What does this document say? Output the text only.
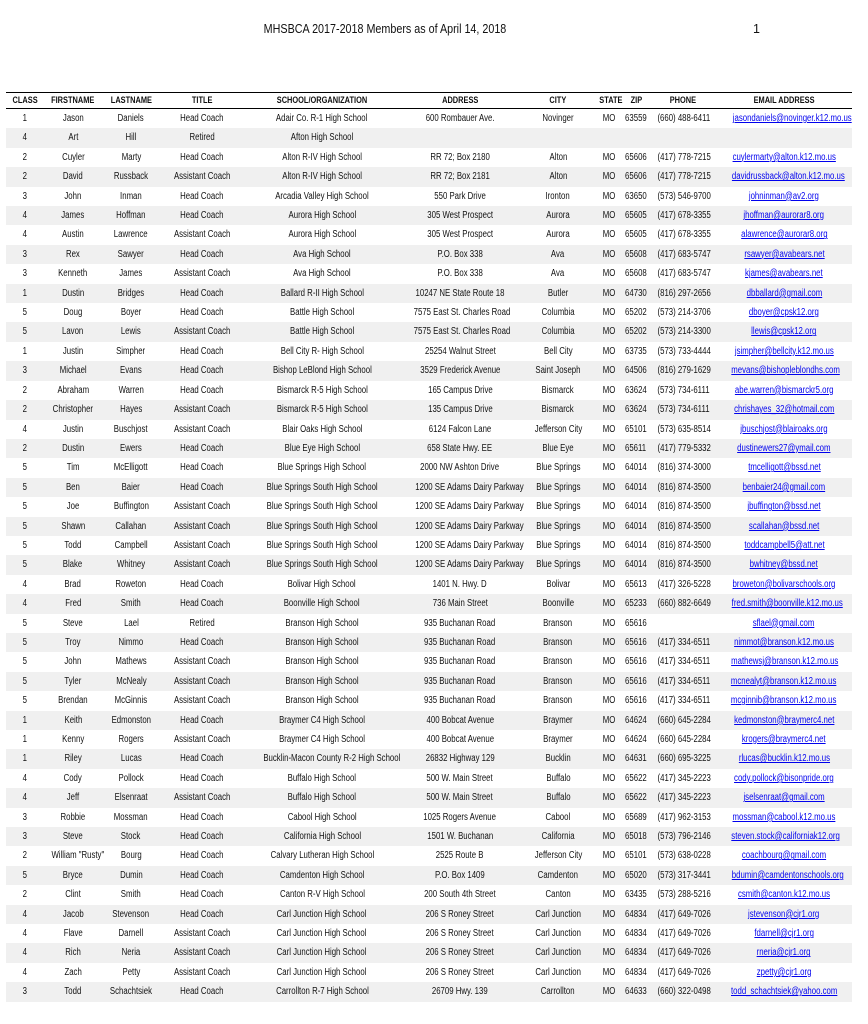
MHSBCA 2017-2018 Members as of April 14, 2018	1
CLASS	FIRSTNAME	LASTNAME	TITLE	SCHOOL/ORGANIZATION	ADDRESS	CITY	STATE	ZIP	PHONE	EMAIL ADDRESS
1	Jason	Daniels	Head Coach	Adair Co. R-1 High School	600 Rombauer Ave.	Novinger	MO	63559	(660) 488-6411	jasondaniels@novinger.k12.mo.us
4	Art	Hill	Retired	Afton High School						
2	Cuyler	Marty	Head Coach	Alton R-IV High School	RR 72; Box 2180	Alton	MO	65606	(417) 778-7215	cuylermarty@alton.k12.mo.us
2	David	Russback	Assistant Coach	Alton R-IV High School	RR 72; Box 2181	Alton	MO	65606	(417) 778-7215	davidrussback@alton.k12.mo.us
3	John	Inman	Head Coach	Arcadia Valley High School	550 Park Drive	Ironton	MO	63650	(573) 546-9700	johninman@av2.org
4	James	Hoffman	Head Coach	Aurora High School	305 West Prospect	Aurora	MO	65605	(417) 678-3355	jhoffman@aurorar8.org
4	Austin	Lawrence	Assistant Coach	Aurora High School	305 West Prospect	Aurora	MO	65605	(417) 678-3355	alawrence@aurorar8.org
3	Rex	Sawyer	Head Coach	Ava High School	P.O. Box 338	Ava	MO	65608	(417) 683-5747	rsawyer@avabears.net
3	Kenneth	James	Assistant Coach	Ava High School	P.O. Box 338	Ava	MO	65608	(417) 683-5747	kjames@avabears.net
1	Dustin	Bridges	Head Coach	Ballard R-II High School	10247 NE State Route 18	Butler	MO	64730	(816) 297-2656	dbballard@gmail.com
5	Doug	Boyer	Head Coach	Battle High School	7575 East St. Charles Road	Columbia	MO	65202	(573) 214-3706	dboyer@cpsk12.org
5	Lavon	Lewis	Assistant Coach	Battle High School	7575 East St. Charles Road	Columbia	MO	65202	(573) 214-3300	llewis@cpsk12.org
1	Justin	Simpher	Head Coach	Bell City R- High School	25254 Walnut Street	Bell City	MO	63735	(573) 733-4444	jsimpher@bellcity.k12.mo.us
3	Michael	Evans	Head Coach	Bishop LeBlond High School	3529 Frederick Avenue	Saint Joseph	MO	64506	(816) 279-1629	mevans@bishopleblondhs.com
2	Abraham	Warren	Head Coach	Bismarck R-5 High School	165 Campus Drive	Bismarck	MO	63624	(573) 734-6111	abe.warren@bismarckr5.org
2	Christopher	Hayes	Assistant Coach	Bismarck R-5 High School	135 Campus Drive	Bismarck	MO	63624	(573) 734-6111	chrishayes_32@hotmail.com
4	Justin	Buschjost	Assistant Coach	Blair Oaks High School	6124 Falcon Lane	Jefferson City	MO	65101	(573) 635-8514	jbuschjost@blairoaks.org
2	Dustin	Ewers	Head Coach	Blue Eye High School	658 State Hwy. EE	Blue Eye	MO	65611	(417) 779-5332	dustinewers27@ymail.com
5	Tim	McElligott	Head Coach	Blue Springs High School	2000 NW Ashton Drive	Blue Springs	MO	64014	(816) 374-3000	tmcelligott@bssd.net
5	Ben	Baier	Head Coach	Blue Springs South High School	1200 SE Adams Dairy Parkway	Blue Springs	MO	64014	(816) 874-3500	benbaier24@gmail.com
5	Joe	Buffington	Assistant Coach	Blue Springs South High School	1200 SE Adams Dairy Parkway	Blue Springs	MO	64014	(816) 874-3500	jbuffington@bssd.net
5	Shawn	Callahan	Assistant Coach	Blue Springs South High School	1200 SE Adams Dairy Parkway	Blue Springs	MO	64014	(816) 874-3500	scallahan@bssd.net
5	Todd	Campbell	Assistant Coach	Blue Springs South High School	1200 SE Adams Dairy Parkway	Blue Springs	MO	64014	(816) 874-3500	toddcampbell5@att.net
5	Blake	Whitney	Assistant Coach	Blue Springs South High School	1200 SE Adams Dairy Parkway	Blue Springs	MO	64014	(816) 874-3500	bwhitney@bssd.net
4	Brad	Roweton	Head Coach	Bolivar High School	1401 N. Hwy. D	Bolivar	MO	65613	(417) 326-5228	broweton@bolivarschools.org
4	Fred	Smith	Head Coach	Boonville High School	736 Main Street	Boonville	MO	65233	(660) 882-6649	fred.smith@boonville.k12.mo.us
5	Steve	Lael	Retired	Branson High School	935 Buchanan Road	Branson	MO	65616		sflael@gmail.com
5	Troy	Nimmo	Head Coach	Branson High School	935 Buchanan Road	Branson	MO	65616	(417) 334-6511	nimmot@branson.k12.mo.us
5	John	Mathews	Assistant Coach	Branson High School	935 Buchanan Road	Branson	MO	65616	(417) 334-6511	mathewsj@branson.k12.mo.us
5	Tyler	McNealy	Assistant Coach	Branson High School	935 Buchanan Road	Branson	MO	65616	(417) 334-6511	mcnealyt@branson.k12.mo.us
5	Brendan	McGinnis	Assistant Coach	Branson High School	935 Buchanan Road	Branson	MO	65616	(417) 334-6511	mcginnib@branson.k12.mo.us
1	Keith	Edmonston	Head Coach	Braymer C4 High School	400 Bobcat Avenue	Braymer	MO	64624	(660) 645-2284	kedmonston@braymerc4.net
1	Kenny	Rogers	Assistant Coach	Braymer C4 High School	400 Bobcat Avenue	Braymer	MO	64624	(660) 645-2284	krogers@braymerc4.net
1	Riley	Lucas	Head Coach	Bucklin-Macon County R-2 High School	26832 Highway 129	Bucklin	MO	64631	(660) 695-3225	rlucas@bucklin.k12.mo.us
4	Cody	Pollock	Head Coach	Buffalo High School	500 W. Main Street	Buffalo	MO	65622	(417) 345-2223	cody.pollock@bisonpride.org
4	Jeff	Elsenraat	Assistant Coach	Buffalo High School	500 W. Main Street	Buffalo	MO	65622	(417) 345-2223	jselsenraat@gmail.com
3	Robbie	Mossman	Head Coach	Cabool High School	1025 Rogers Avenue	Cabool	MO	65689	(417) 962-3153	mossman@cabool.k12.mo.us
3	Steve	Stock	Head Coach	California High School	1501 W. Buchanan	California	MO	65018	(573) 796-2146	steven.stock@californiak12.org
2	William "Rusty"	Bourg	Head Coach	Calvary Lutheran High School	2525 Route B	Jefferson City	MO	65101	(573) 638-0228	coachbourg@gmail.com
5	Bryce	Dumin	Head Coach	Camdenton High School	P.O. Box 1409	Camdenton	MO	65020	(573) 317-3441	bdumin@camdentonschools.org
2	Clint	Smith	Head Coach	Canton R-V High School	200 South 4th Street	Canton	MO	63435	(573) 288-5216	csmith@canton.k12.mo.us
4	Jacob	Stevenson	Head Coach	Carl Junction High School	206 S Roney Street	Carl Junction	MO	64834	(417) 649-7026	jstevenson@cjr1.org
4	Flave	Darnell	Assistant Coach	Carl Junction High School	206 S Roney Street	Carl Junction	MO	64834	(417) 649-7026	fdarnell@cjr1.org
4	Rich	Neria	Assistant Coach	Carl Junction High School	206 S Roney Street	Carl Junction	MO	64834	(417) 649-7026	rneria@cjr1.org
4	Zach	Petty	Assistant Coach	Carl Junction High School	206 S Roney Street	Carl Junction	MO	64834	(417) 649-7026	zpetty@cjr1.org
3	Todd	Schachtsiek	Head Coach	Carrollton R-7 High School	26709 Hwy. 139	Carrollton	MO	64633	(660) 322-0498	todd_schachtsiek@yahoo.com
